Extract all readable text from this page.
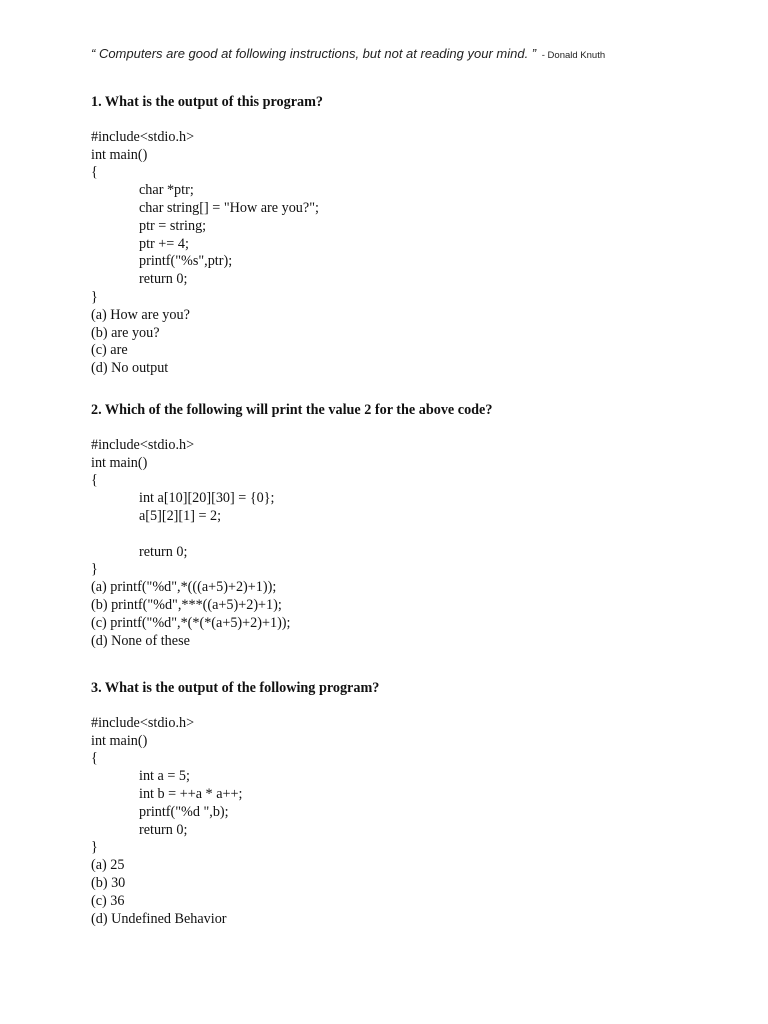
“ Computers are good at following instructions, but not at reading your mind. ” - Donald Knuth
1. What is the output of this program?
#include<stdio.h>
int main()
{
char *ptr;
char string[] = "How are you?";
ptr = string;
ptr += 4;
printf("%s",ptr);
return 0;
}
(a) How are you?
(b) are you?
(c) are
(d) No output
2. Which of the following will print the value 2 for the above code?
#include<stdio.h>
int main()
{
int a[10][20][30] = {0};
a[5][2][1] = 2;
return 0;
}
(a) printf("%d",*(((a+5)+2)+1));
(b) printf("%d",***((a+5)+2)+1);
(c) printf("%d",*(*(*(a+5)+2)+1));
(d) None of these
3. What is the output of the following program?
#include<stdio.h>
int main()
{
int a = 5;
int b = ++a * a++;
printf("%d ",b);
return 0;
}
(a) 25
(b) 30
(c) 36
(d) Undefined Behavior
